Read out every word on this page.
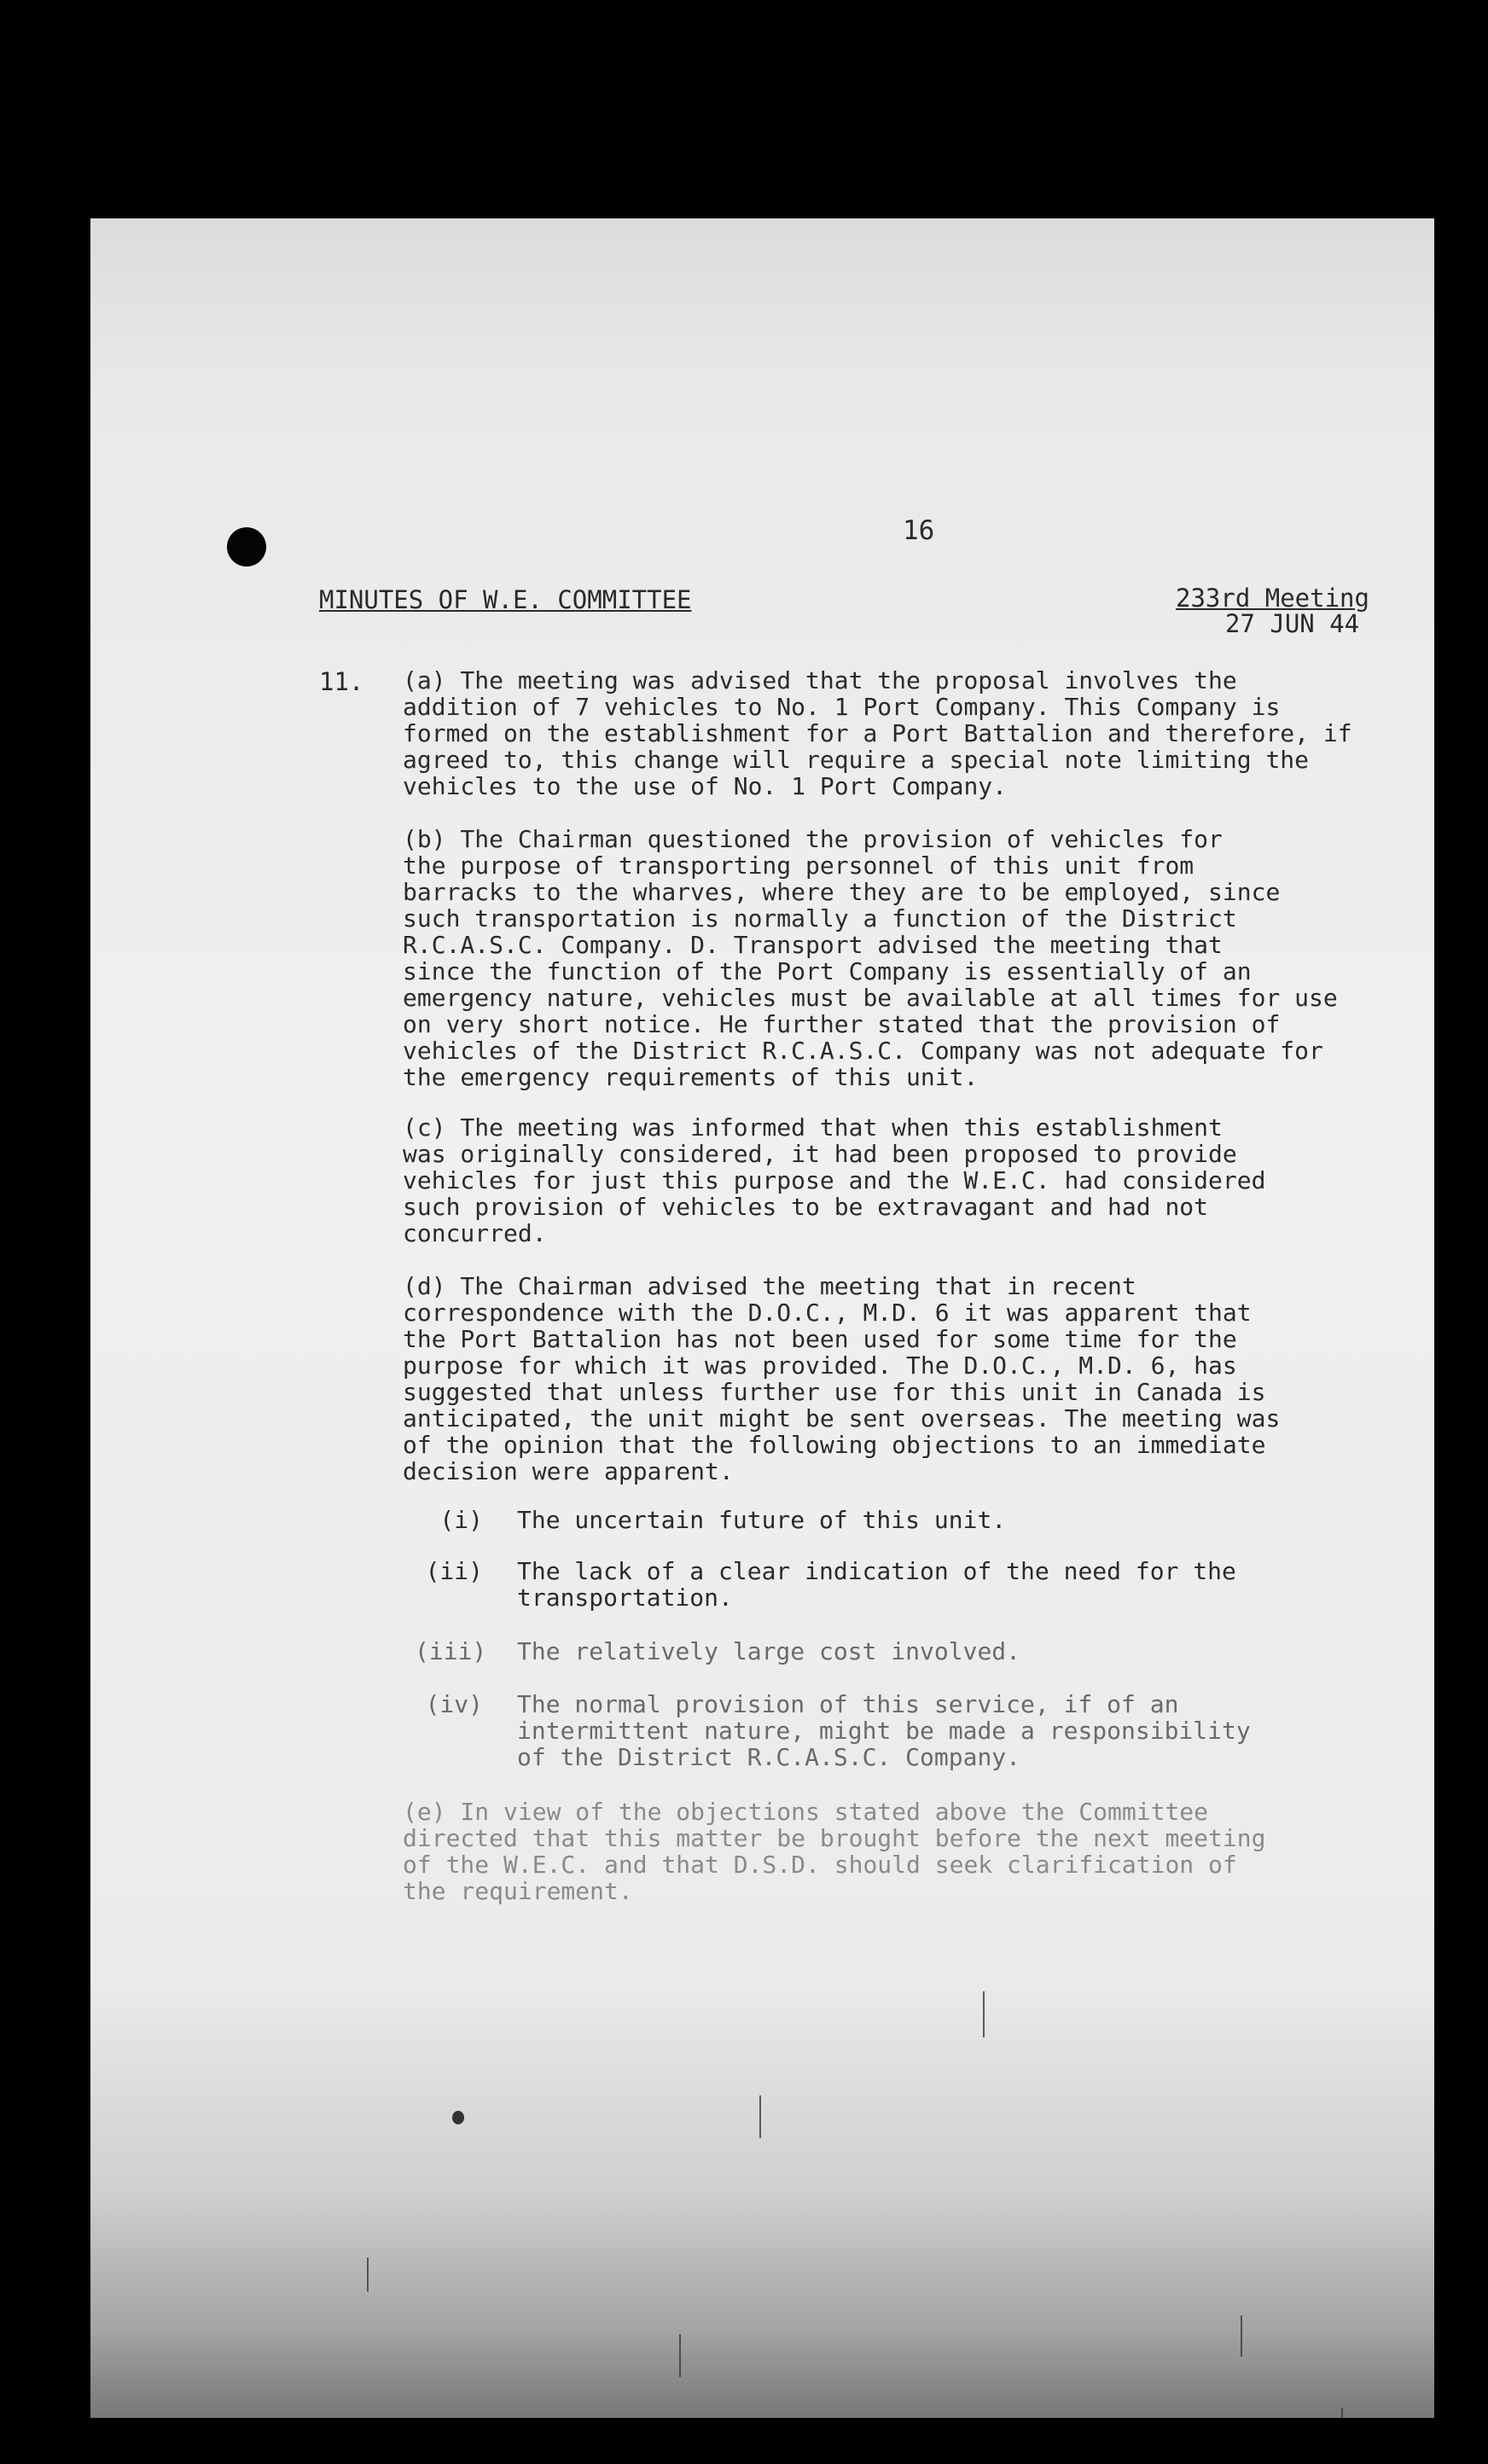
16
MINUTES OF W.E. COMMITTEE	233rd Meeting
27 JUN 44
11. (a) The meeting was advised that the proposal involves the
addition of 7 vehicles to No. 1 Port Company. This Company is
formed on the establishment for a Port Battalion and therefore, if
agreed to, this change will require a special note limiting the
vehicles to the use of No. 1 Port Company.
(b) The Chairman questioned the provision of vehicles for
the purpose of transporting personnel of this unit from
barracks to the wharves, where they are to be employed, since
such transportation is normally a function of the District
R.C.A.S.C. Company. D. Transport advised the meeting that
since the function of the Port Company is essentially of an
emergency nature, vehicles must be available at all times for use
on very short notice. He further stated that the provision of
vehicles of the District R.C.A.S.C. Company was not adequate for
the emergency requirements of this unit.
(c) The meeting was informed that when this establishment
was originally considered, it had been proposed to provide
vehicles for just this purpose and the W.E.C. had considered
such provision of vehicles to be extravagant and had not
concurred.
(d) The Chairman advised the meeting that in recent
correspondence with the D.O.C., M.D. 6 it was apparent that
the Port Battalion has not been used for some time for the
purpose for which it was provided. The D.O.C., M.D. 6, has
suggested that unless further use for this unit in Canada is
anticipated, the unit might be sent overseas. The meeting was
of the opinion that the following objections to an immediate
decision were apparent.
(i) The uncertain future of this unit.
(ii) The lack of a clear indication of the need for the
transportation.
(iii) The relatively large cost involved.
(iv) The normal provision of this service, if of an
intermittent nature, might be made a responsibility
of the District R.C.A.S.C. Company.
(e) In view of the objections stated above the Committee
directed that this matter be brought before the next meeting
of the W.E.C. and that D.S.D. should seek clarification of
the requirement.
